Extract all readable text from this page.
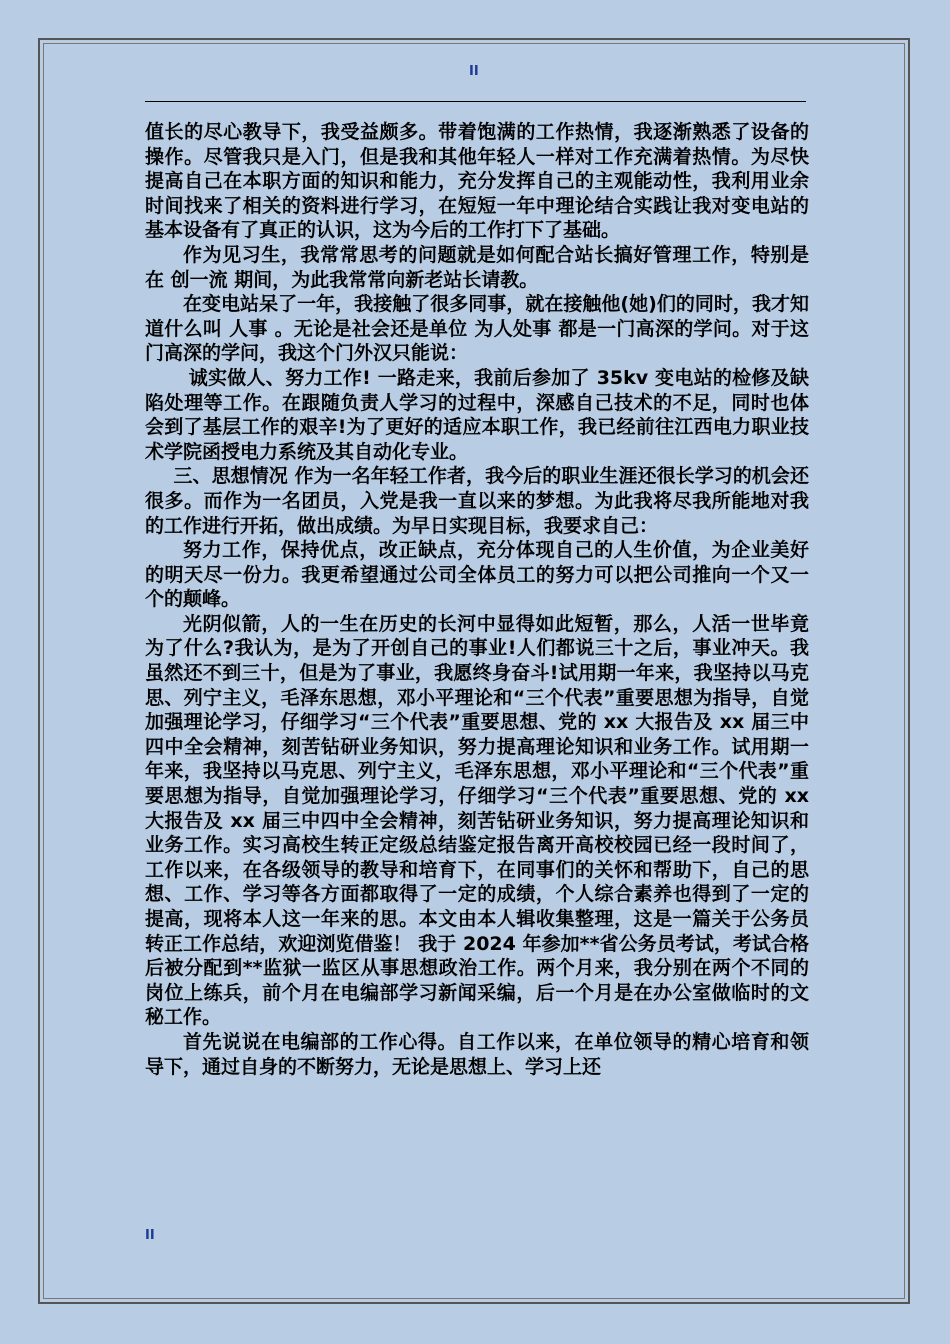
II

值长的尽心教导下，我受益颇多。带着饱满的工作热情，我逐渐熟悉了设备的操作。尽管我只是入门，但是我和其他年轻人一样对工作充满着热情。为尽快提高自己在本职方面的知识和能力，充分发挥自己的主观能动性，我利用业余时间找来了相关的资料进行学习，在短短一年中理论结合实践让我对变电站的基本设备有了真正的认识，这为今后的工作打下了基础。

作为见习生，我常常思考的问题就是如何配合站长搞好管理工作，特别是在 创一流 期间，为此我常常向新老站长请教。

在变电站呆了一年，我接触了很多同事，就在接触他(她)们的同时，我才知道什么叫 人事 。无论是社会还是单位 为人处事 都是一门高深的学问。对于这门高深的学问，我这个门外汉只能说：

诚实做人、努力工作! 一路走来，我前后参加了 35kv 变电站的检修及缺陷处理等工作。在跟随负责人学习的过程中，深感自己技术的不足，同时也体会到了基层工作的艰辛!为了更好的适应本职工作，我已经前往江西电力职业技术学院函授电力系统及其自动化专业。

三、思想情况 作为一名年轻工作者，我今后的职业生涯还很长学习的机会还很多。而作为一名团员，入党是我一直以来的梦想。为此我将尽我所能地对我的工作进行开拓，做出成绩。为早日实现目标，我要求自己：

努力工作，保持优点，改正缺点，充分体现自己的人生价值，为企业美好的明天尽一份力。我更希望通过公司全体员工的努力可以把公司推向一个又一个的颠峰。

光阴似箭，人的一生在历史的长河中显得如此短暂，那么，人活一世毕竟为了什么?我认为，是为了开创自己的事业!人们都说三十之后，事业冲天。我虽然还不到三十，但是为了事业，我愿终身奋斗!试用期一年来，我坚持以马克思、列宁主义，毛泽东思想，邓小平理论和“三个代表”重要思想为指导，自觉加强理论学习，仔细学习“三个代表”重要思想、党的 xx 大报告及 xx 届三中四中全会精神，刻苦钻研业务知识，努力提高理论知识和业务工作。试用期一年来，我坚持以马克思、列宁主义，毛泽东思想，邓小平理论和“三个代表”重要思想为指导，自觉加强理论学习，仔细学习“三个代表”重要思想、党的 xx 大报告及 xx 届三中四中全会精神，刻苦钻研业务知识，努力提高理论知识和业务工作。实习高校生转正定级总结鉴定报告离开高校校园已经一段时间了，工作以来，在各级领导的教导和培育下，在同事们的关怀和帮助下，自己的思想、工作、学习等各方面都取得了一定的成绩，个人综合素养也得到了一定的提高，现将本人这一年来的思。本文由本人辑收集整理，这是一篇关于公务员转正工作总结，欢迎浏览借鉴！ 我于 2024 年参加**省公务员考试，考试合格后被分配到**监狱一监区从事思想政治工作。两个月来，我分别在两个不同的岗位上练兵，前个月在电编部学习新闻采编，后一个月是在办公室做临时的文秘工作。

首先说说在电编部的工作心得。自工作以来，在单位领导的精心培育和领导下，通过自身的不断努力，无论是思想上、学习上还

II
